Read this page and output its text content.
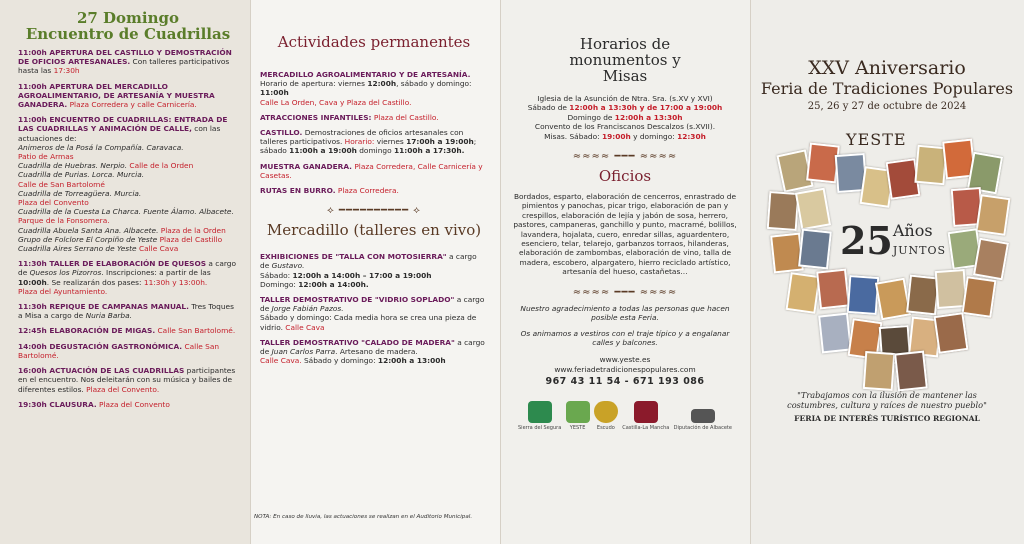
27 Domingo
Encuentro de Cuadrillas
11:00h APERTURA DEL CASTILLO Y DEMOSTRACIÓN DE OFICIOS ARTESANALES. Con talleres participativos hasta las 17:30h
11:00h APERTURA DEL MERCADILLO AGROALIMENTARIO, DE ARTESANÍA Y MUESTRA GANADERA. Plaza Corredera y calle Carnicería.
11:00h ENCUENTRO DE CUADRILLAS: ENTRADA DE LAS CUADRILLAS Y ANIMACIÓN DE CALLE, con las actuaciones de:
Animeros de la Posá la Compañía. Caravaca.
Patio de Armas
Cuadrilla de Huebras. Nerpio. Calle de la Orden
Cuadrilla de Purias. Lorca. Murcia.
Calle de San Bartolomé
Cuadrilla de Torreagüera. Murcia.
Plaza del Convento
Cuadrilla de la Cuesta La Charca. Fuente Álamo. Albacete.
Parque de la Fonsomera.
Cuadrilla Abuela Santa Ana. Albacete. Plaza de la Orden
Grupo de Folclore El Corpiño de Yeste Plaza del Castillo
Cuadrilla Aires Serrano de Yeste Calle Cava
11:30h TALLER DE ELABORACIÓN DE QUESOS a cargo de Quesos los Pizorros. Inscripciones: a partir de las 10:00h. Se realizarán dos pases: 11:30h y 13:00h.
Plaza del Ayuntamiento.
11:30h REPIQUE DE CAMPANAS MANUAL. Tres Toques a Misa a cargo de Nuria Barba.
12:45h ELABORACIÓN DE MIGAS. Calle San Bartolomé.
14:00h DEGUSTACIÓN GASTRONÓMICA. Calle San Bartolomé.
16:00h ACTUACIÓN DE LAS CUADRILLAS participantes en el encuentro. Nos deleitarán con su música y bailes de diferentes estilos. Plaza del Convento.
19:30h CLAUSURA. Plaza del Convento
Actividades permanentes
MERCADILLO AGROALIMENTARIO Y DE ARTESANÍA. Horario de apertura: viernes 12:00h, sábado y domingo: 11:00h
Calle La Orden, Cava y Plaza del Castillo.
ATRACCIONES INFANTILES: Plaza del Castillo.
CASTILLO. Demostraciones de oficios artesanales con talleres participativos. Horario: viernes 17:00h a 19:00h; sábado 11:00h a 19:00h domingo 11:00h a 17:30h.
MUESTRA GANADERA. Plaza Corredera, Calle Carnicería y Casetas.
RUTAS EN BURRO. Plaza Corredera.
⟡ ━━━━━━━━━━ ⟡
Mercadillo (talleres en vivo)
EXHIBICIONES DE "TALLA CON MOTOSIERRA" a cargo de Gustavo.
Sábado: 12:00h a 14:00h – 17:00 a 19:00h
Domingo: 12:00h a 14:00h.
TALLER DEMOSTRATIVO DE "VIDRIO SOPLADO" a cargo de Jorge Fabián Pazos.
Sábado y domingo: Cada media hora se crea una pieza de vidrio. Calle Cava
TALLER DEMOSTRATIVO "CALADO DE MADERA" a cargo de Juan Carlos Parra. Artesano de madera.
Calle Cava. Sábado y domingo: 12:00h a 13:00h
NOTA: En caso de lluvia, las actuaciones se realizan en el Auditorio Municipal.
Horarios de monumentos y Misas
Iglesia de la Asunción de Ntra. Sra. (s.XV y XVI)
Sábado de 12:00h a 13:30h y de 17:00 a 19:00h
Domingo de 12:00h a 13:30h
Convento de los Franciscanos Descalzos (s.XVII).
Misas. Sábado: 19:00h y domingo: 12:30h
≈≈≈≈ ━━━ ≈≈≈≈
Oficios
Bordados, esparto, elaboración de cencerros, enrastrado de pimientos y panochas, picar trigo, elaboración de pan y crespillos, elaboración de lejía y jabón de sosa, herrero, pastores, campaneras, ganchillo y punto, macramé, bolillos, lavandera, hojalata, cuero, enredar sillas, aguardentero, esenciero, telar, telarejo, garbanzos torraos, hilanderas, elaboración de zambombas, elaboración de vino, talla de madera, escobero, alpargatero, hierro reciclado artístico, artesanía del hueso, castañetas…
≈≈≈≈ ━━━ ≈≈≈≈
Nuestro agradecimiento a todas las personas que hacen posible esta Feria.
Os animamos a vestiros con el traje típico y a engalanar calles y balcones.
www.yeste.es
www.feriadetradicionespopulares.com
967 43 11 54 - 671 193 086
Sierra del Segura YESTE Escudo Castilla-La Mancha Diputación de Albacete
XXV Aniversario
Feria de Tradiciones Populares
25, 26 y 27 de octubre de 2024
YESTE
25Años
JUNTOS
"Trabajamos con la ilusión de mantener las costumbres, cultura y raíces de nuestro pueblo"
FERIA DE INTERÉS TURÍSTICO REGIONAL
